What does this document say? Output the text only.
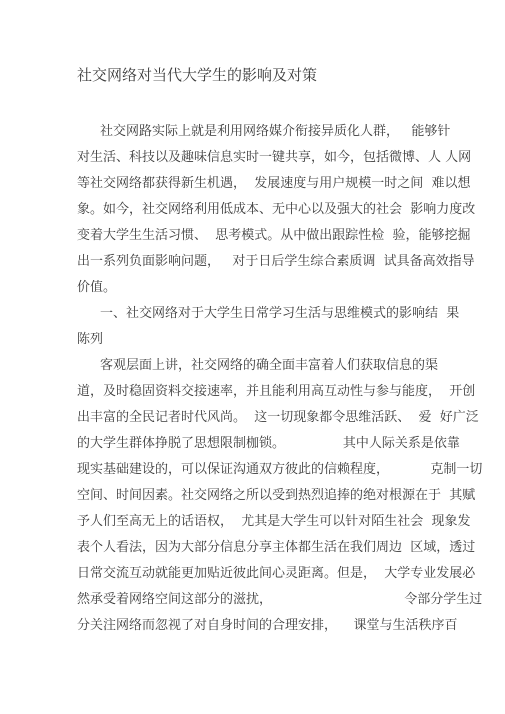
社交网络对当代大学生的影响及对策
社交网路实际上就是利用网络媒介衔接异质化人群，   能够针
对生活、科技以及趣味信息实时一键共享，如今，包括微博、人 人网
等社交网络都获得新生机遇，  发展速度与用户规模一时之间  难以想
象。如今，社交网络利用低成本、无中心以及强大的社会  影响力度改
变着大学生生活习惯、  思考模式。从中做出跟踪性检  验，能够挖掘
出一系列负面影响问题，   对于日后学生综合素质调  试具备高效指导
价值。
一、社交网络对于大学生日常学习生活与思维模式的影响结  果
陈列
客观层面上讲，社交网络的确全面丰富着人们获取信息的渠
道，及时稳固资料交接速率，并且能利用高互动性与参与能度，  开创
出丰富的全民记者时代风尚。  这一切现象都令思维活跃、  爱  好广泛
的大学生群体挣脱了思想限制枷锁。              其中人际关系是依靠
现实基础建设的，可以保证沟通双方彼此的信赖程度，          克制一切
空间、时间因素。社交网络之所以受到热烈追捧的绝对根源在于  其赋
予人们至高无上的话语权，  尤其是大学生可以针对陌生社会  现象发
表个人看法，因为大部分信息分享主体都生活在我们周边  区域，透过
日常交流互动就能更加贴近彼此间心灵距离。但是，  大学专业发展必
然承受着网络空间这部分的滋扰，                                令部分学生过
分关注网络而忽视了对自身时间的合理安排，    课堂与生活秩序百
